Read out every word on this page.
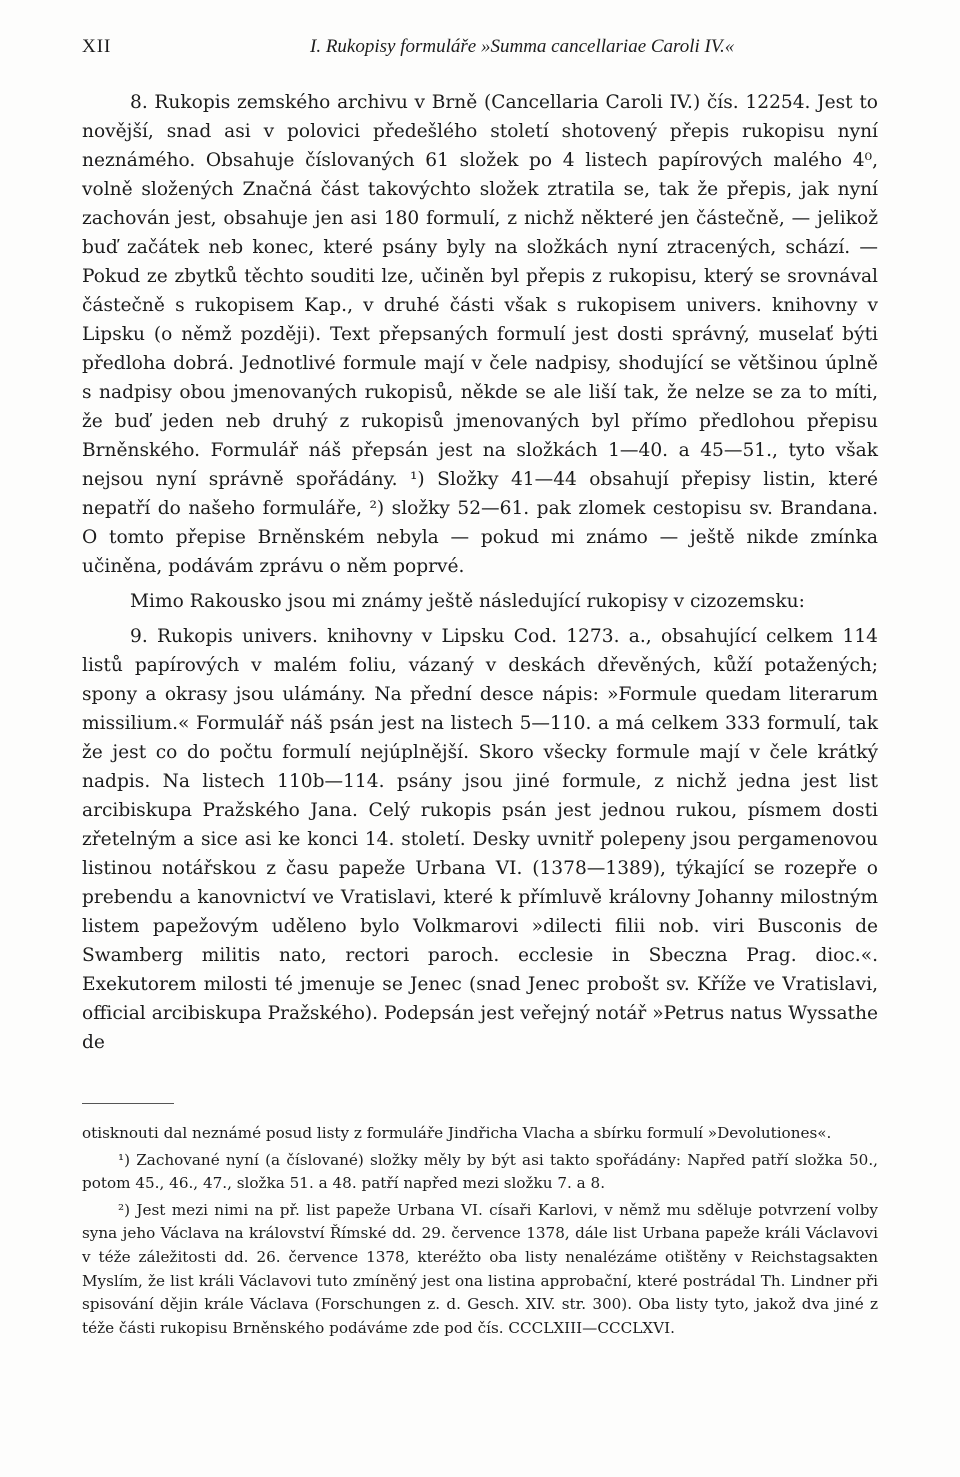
XII	I. Rukopisy formuláře »Summa cancellariae Caroli IV.«

8. Rukopis zemského archivu v Brně (Cancellaria Caroli IV.) čís. 12254. Jest to novější, snad asi v polovici předešlého století shotovený přepis rukopisu nyní neznámého. Obsahuje číslovaných 61 složek po 4 listech papírových malého 4⁰, volně složených Značná část takovýchto složek ztratila se, tak že přepis, jak nyní zachován jest, obsahuje jen asi 180 formulí, z nichž některé jen částečně, — jelikož buď začátek neb konec, které psány byly na složkách nyní ztracených, schází. — Pokud ze zbytků těchto souditi lze, učiněn byl přepis z rukopisu, který se srovnával částečně s rukopisem Kap., v druhé části však s rukopisem univers. knihovny v Lipsku (o němž později). Text přepsaných formulí jest dosti správný, muselať býti předloha dobrá. Jednotlivé formule mají v čele nadpisy, shodující se většinou úplně s nadpisy obou jmenovaných rukopisů, někde se ale liší tak, že nelze se za to míti, že buď jeden neb druhý z rukopisů jmenovaných byl přímo předlohou přepisu Brněnského. Formulář náš přepsán jest na složkách 1—40. a 45—51., tyto však nejsou nyní správně spořádány. ¹) Složky 41—44 obsahují přepisy listin, které nepatří do našeho formuláře, ²) složky 52—61. pak zlomek cestopisu sv. Brandana. O tomto přepise Brněnském nebyla — pokud mi známo — ještě nikde zmínka učiněna, podávám zprávu o něm poprvé.

Mimo Rakousko jsou mi známy ještě následující rukopisy v cizozemsku:

9. Rukopis univers. knihovny v Lipsku Cod. 1273. a., obsahující celkem 114 listů papírových v malém foliu, vázaný v deskách dřevěných, kůží potažených; spony a okrasy jsou ulámány. Na přední desce nápis: »Formule quedam literarum missilium.« Formulář náš psán jest na listech 5—110. a má celkem 333 formulí, tak že jest co do počtu formulí nejúplnější. Skoro všecky formule mají v čele krátký nadpis. Na listech 110b—114. psány jsou jiné formule, z nichž jedna jest list arcibiskupa Pražského Jana. Celý rukopis psán jest jednou rukou, písmem dosti zřetelným a sice asi ke konci 14. století. Desky uvnitř polepeny jsou pergamenovou listinou notářskou z času papeže Urbana VI. (1378—1389), týkající se rozepře o prebendu a kanovnictví ve Vratislavi, které k přímluvě královny Johanny milostným listem papežovým uděleno bylo Volkmarovi »dilecti filii nob. viri Busconis de Swamberg militis nato, rectori paroch. ecclesie in Sbeczna Prag. dioc.«. Exekutorem milosti té jmenuje se Jenec (snad Jenec probošt sv. Kříže ve Vratislavi, official arcibiskupa Pražského). Podepsán jest veřejný notář »Petrus natus Wyssathe de

otisknouti dal neznámé posud listy z formuláře Jindřicha Vlacha a sbírku formulí »Devolutiones«.

¹) Zachované nyní (a číslované) složky měly by být asi takto spořádány: Napřed patří složka 50., potom 45., 46., 47., složka 51. a 48. patří napřed mezi složku 7. a 8.

²) Jest mezi nimi na př. list papeže Urbana VI. císaři Karlovi, v němž mu sděluje potvrzení volby syna jeho Václava na království Římské dd. 29. července 1378, dále list Urbana papeže králi Václavovi v téže záležitosti dd. 26. července 1378, kteréžto oba listy nenalézáme otištěny v Reichstagsakten Myslím, že list králi Václavovi tuto zmíněný jest ona listina approbační, které postrádal Th. Lindner při spisování dějin krále Václava (Forschungen z. d. Gesch. XIV. str. 300). Oba listy tyto, jakož dva jiné z téže části rukopisu Brněnského podáváme zde pod čís. CCCLXIII—CCCLXVI.
